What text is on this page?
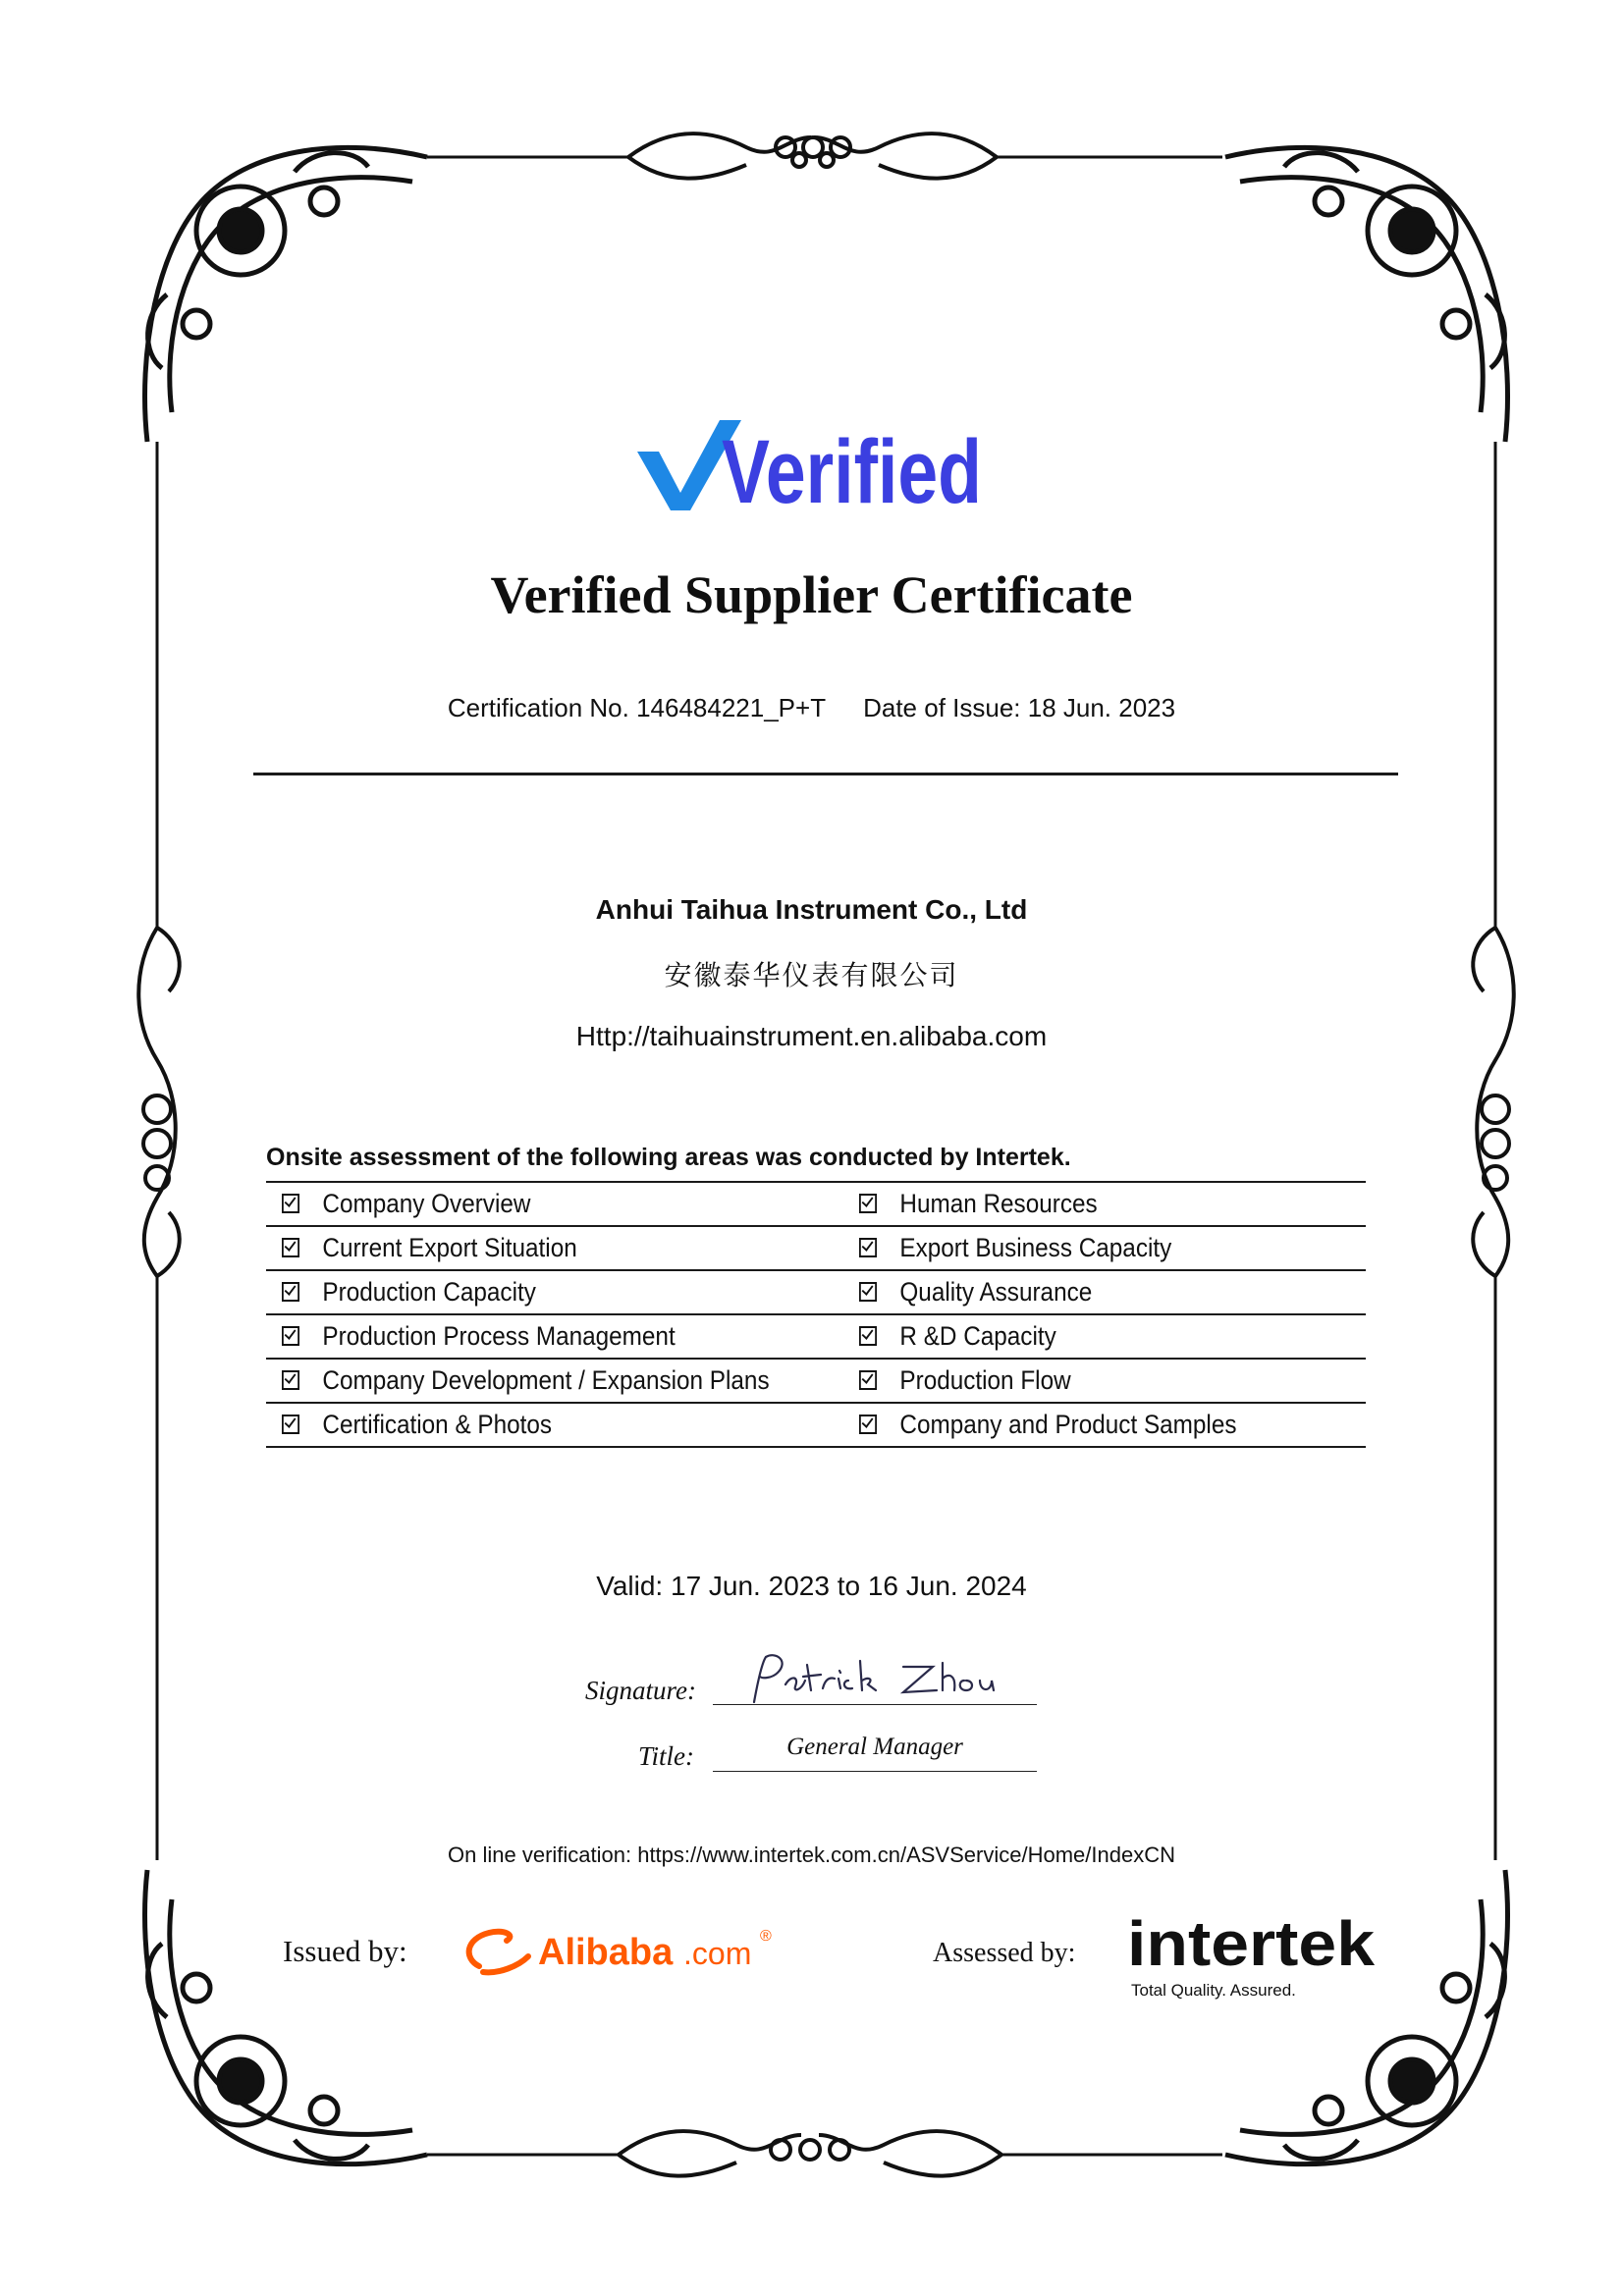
Verified
Verified Supplier Certificate
Certification No. 146484221_P+T Date of Issue: 18 Jun. 2023
Anhui Taihua Instrument Co., Ltd
安徽泰华仪表有限公司
Http://taihuainstrument.en.alibaba.com
Onsite assessment of the following areas was conducted by Intertek.
Company Overview	Human Resources
Current Export Situation	Export Business Capacity
Production Capacity	Quality Assurance
Production Process Management	R &D Capacity
Company Development / Expansion Plans	Production Flow
Certification & Photos	Company and Product Samples
Valid: 17 Jun. 2023 to 16 Jun. 2024
Signature:
Title:	General Manager
On line verification: https://www.intertek.com.cn/ASVService/Home/IndexCN
Issued by:	Alibaba .com ®
Assessed by: intertek
Total Quality. Assured.
